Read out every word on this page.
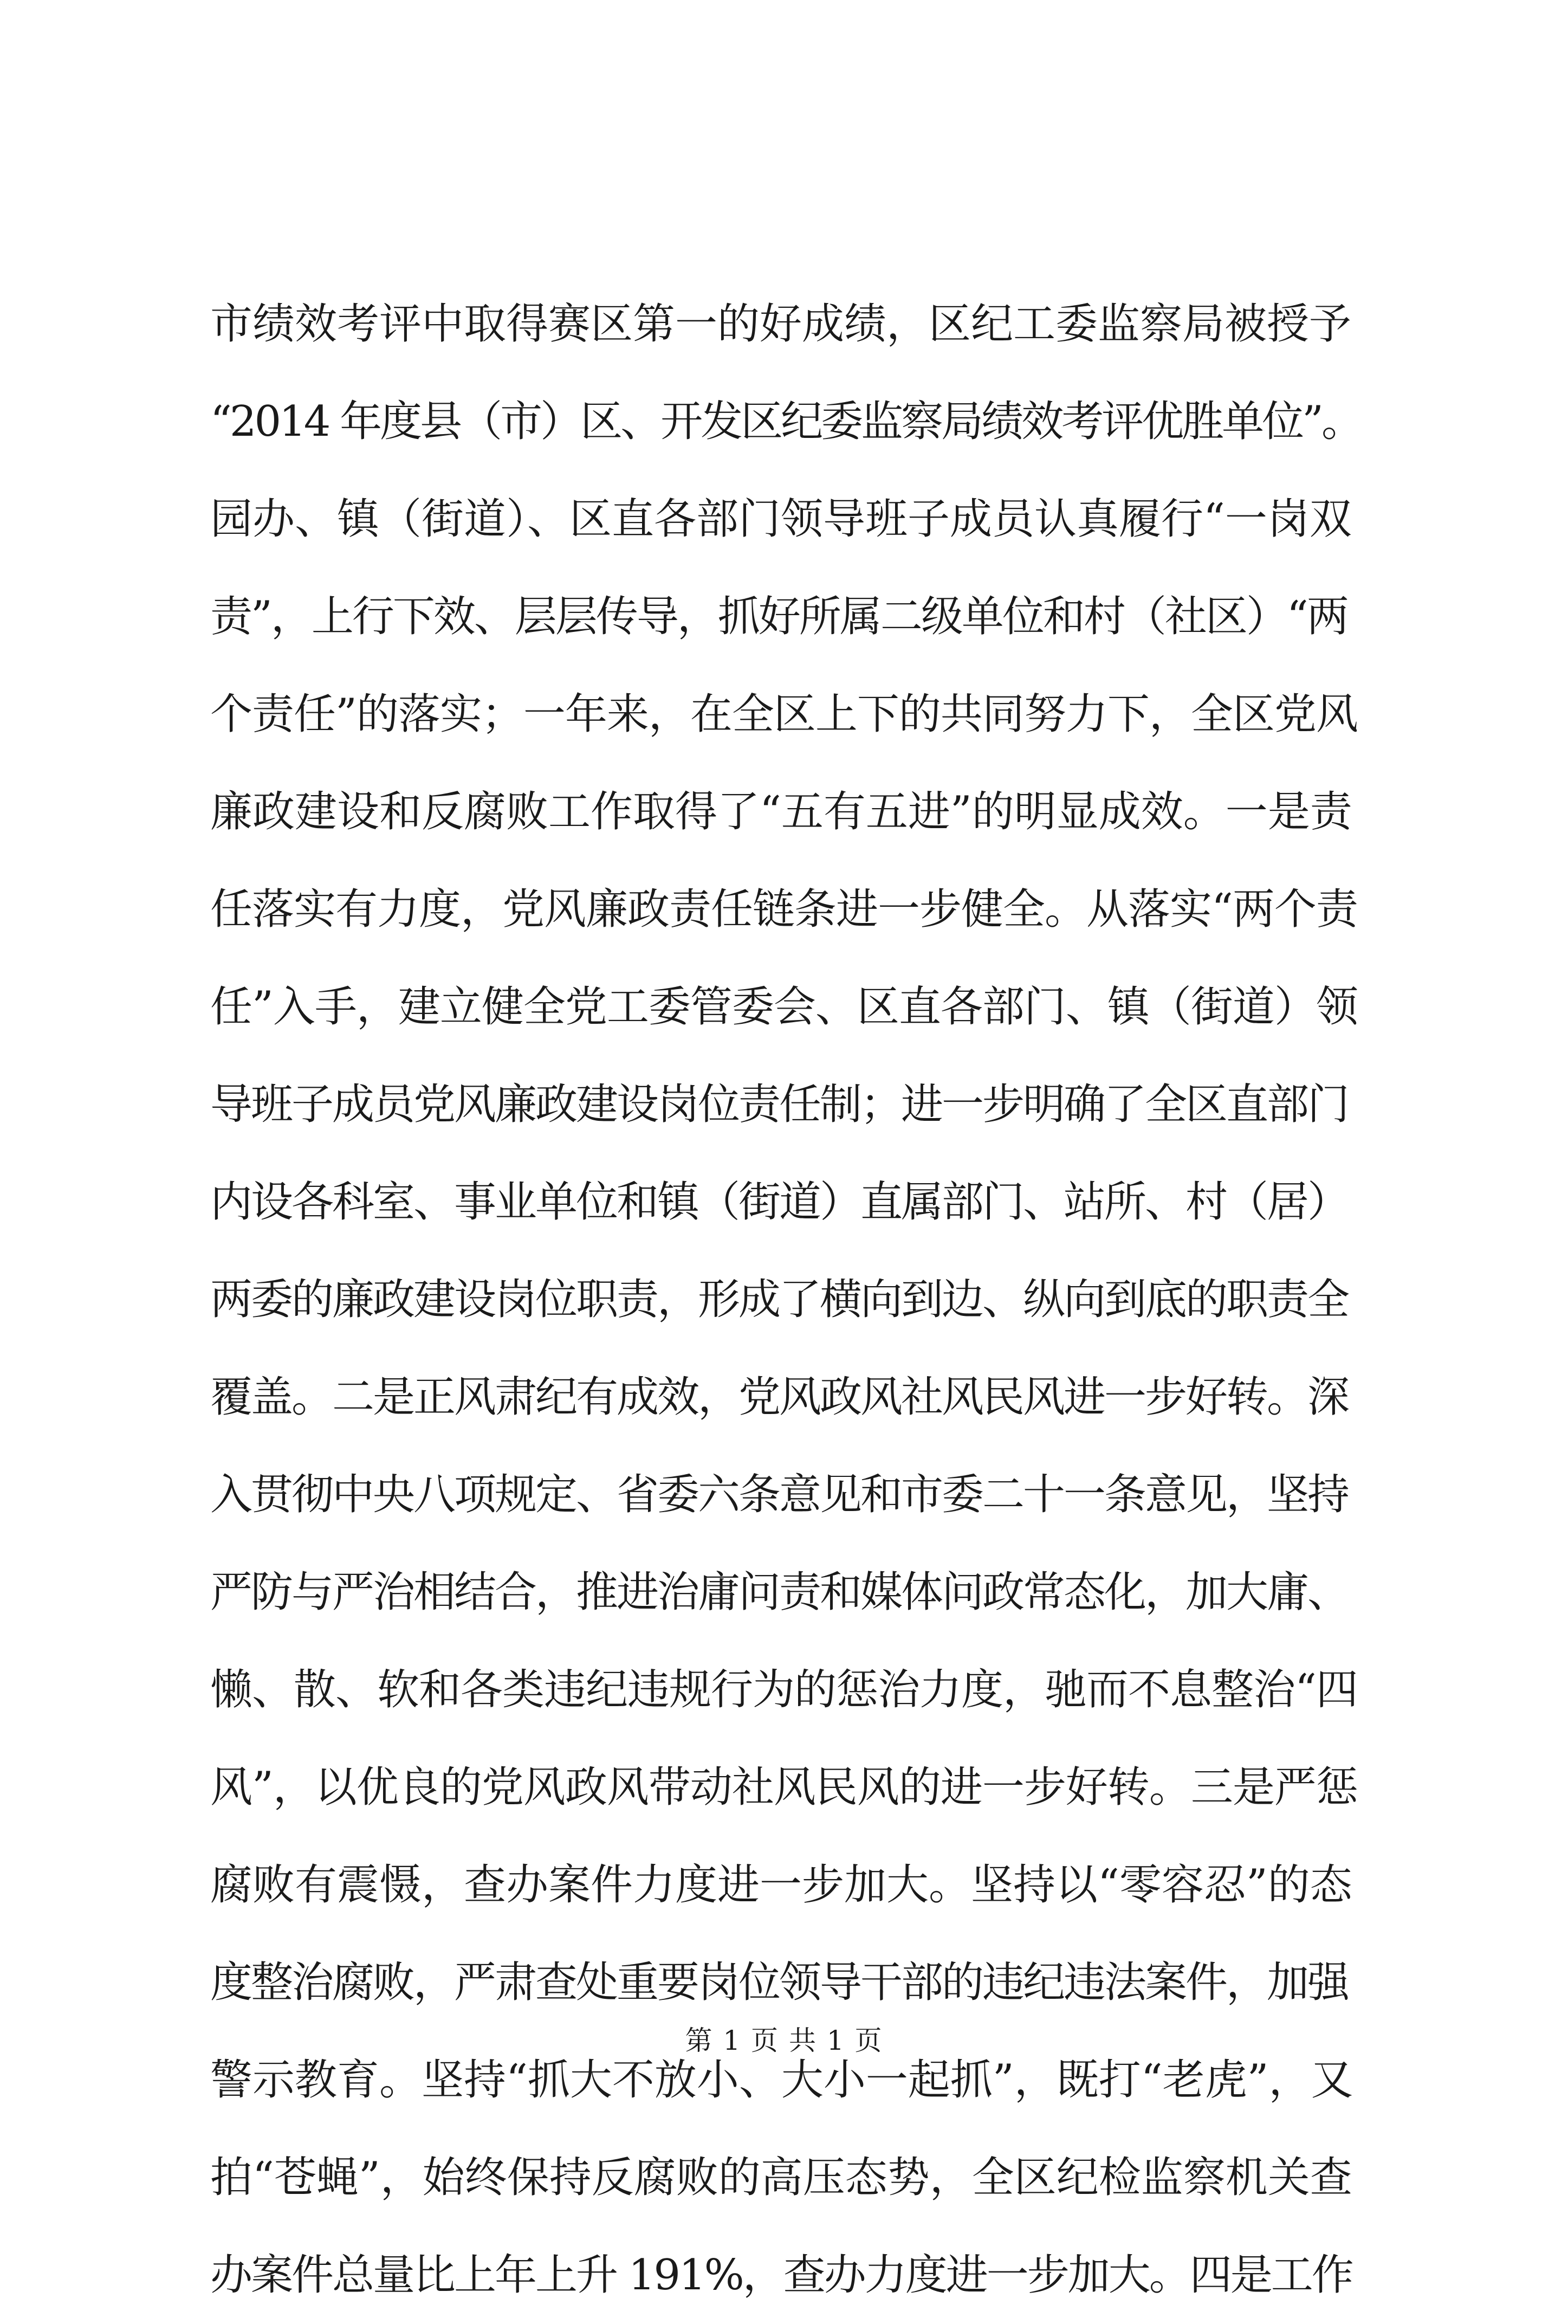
市绩效考评中取得赛区第一的好成绩，区纪工委监察局被授予
“2014 年度县（市）区、开发区纪委监察局绩效考评优胜单位”。
园办、镇（街道）、区直各部门领导班子成员认真履行“一岗双
责”，上行下效、层层传导，抓好所属二级单位和村（社区）“两
个责任”的落实；一年来，在全区上下的共同努力下，全区党风
廉政建设和反腐败工作取得了“五有五进”的明显成效。一是责
任落实有力度，党风廉政责任链条进一步健全。从落实“两个责
任”入手，建立健全党工委管委会、区直各部门、镇（街道）领
导班子成员党风廉政建设岗位责任制；进一步明确了全区直部门
内设各科室、事业单位和镇（街道）直属部门、站所、村（居）
两委的廉政建设岗位职责，形成了横向到边、纵向到底的职责全
覆盖。二是正风肃纪有成效，党风政风社风民风进一步好转。深
入贯彻中央八项规定、省委六条意见和市委二十一条意见，坚持
严防与严治相结合，推进治庸问责和媒体问政常态化，加大庸、
懒、散、软和各类违纪违规行为的惩治力度，驰而不息整治“四
风”，以优良的党风政风带动社风民风的进一步好转。三是严惩
腐败有震慑，查办案件力度进一步加大。坚持以“零容忍”的态
度整治腐败，严肃查处重要岗位领导干部的违纪违法案件，加强
警示教育。坚持“抓大不放小、大小一起抓”，既打“老虎”，又
拍“苍蝇”，始终保持反腐败的高压态势，全区纪检监察机关查
办案件总量比上年上升 191%，查办力度进一步加大。四是工作
第 1 页 共 1 页
